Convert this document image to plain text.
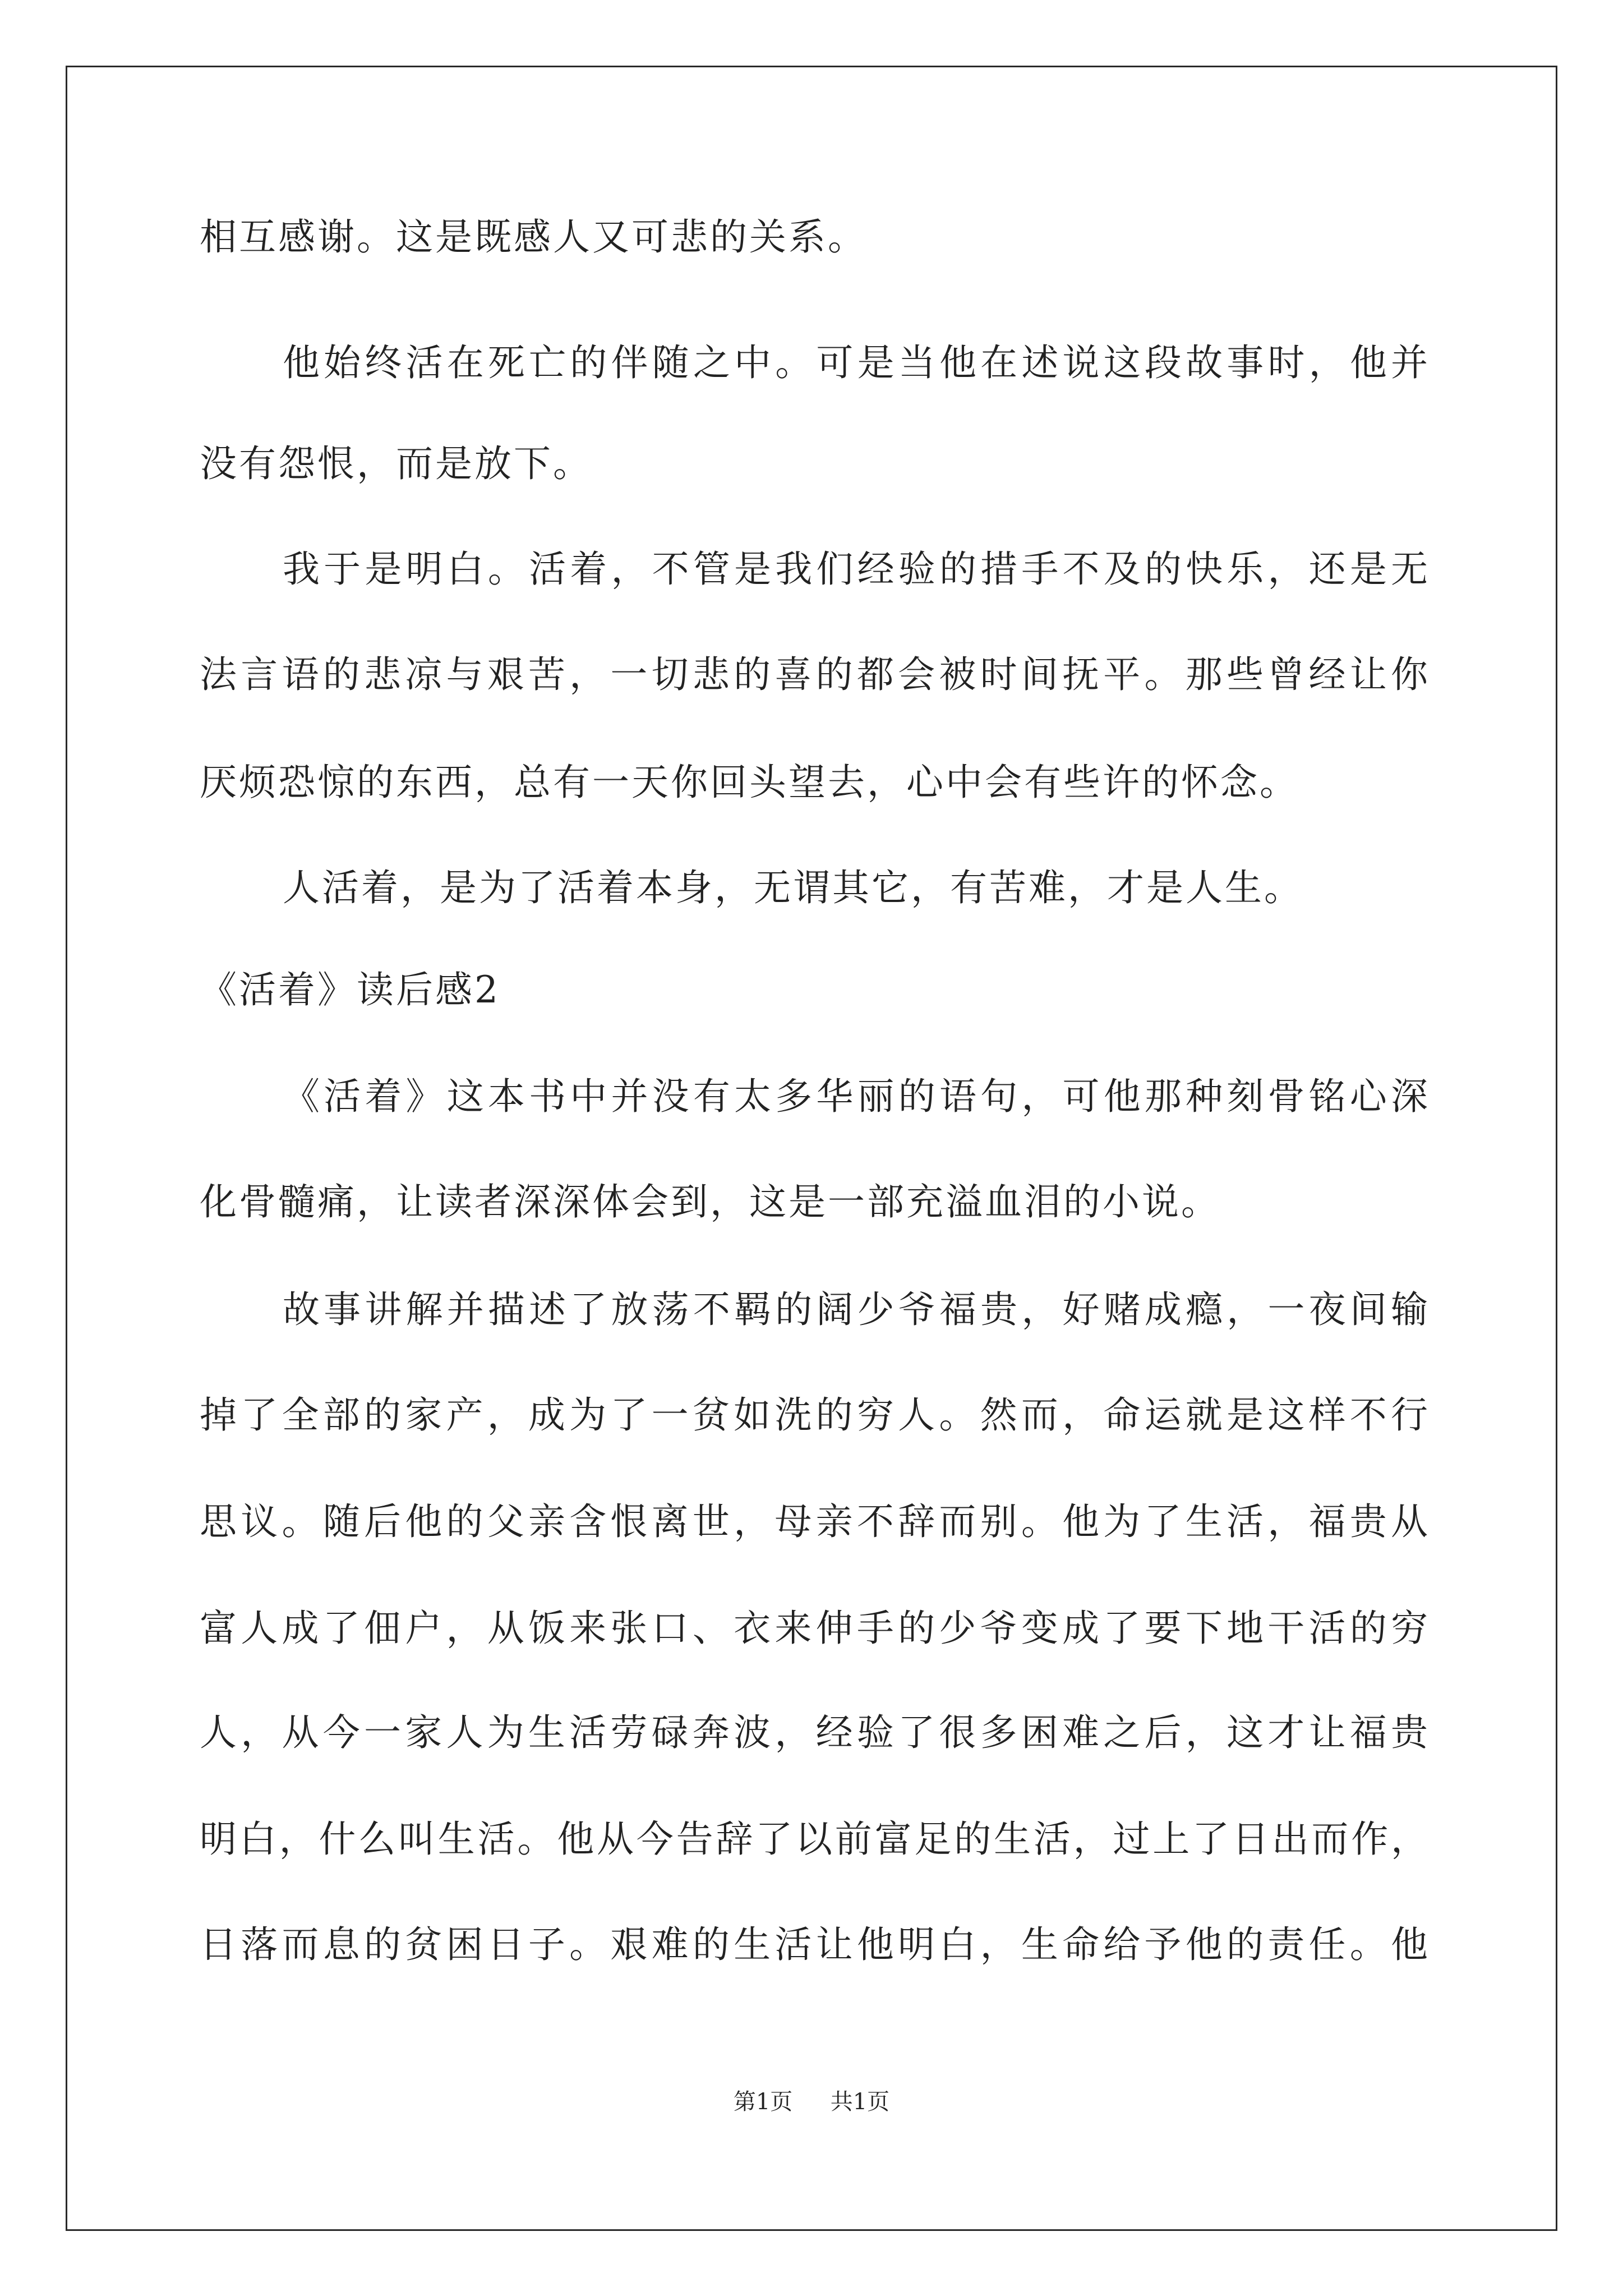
相互感谢。这是既感人又可悲的关系。
他始终活在死亡的伴随之中。可是当他在述说这段故事时，他并
没有怨恨，而是放下。
我于是明白。活着，不管是我们经验的措手不及的快乐，还是无
法言语的悲凉与艰苦，一切悲的喜的都会被时间抚平。那些曾经让你
厌烦恐惊的东西，总有一天你回头望去，心中会有些许的怀念。
人活着，是为了活着本身，无谓其它，有苦难，才是人生。
《活着》读后感2
《活着》这本书中并没有太多华丽的语句，可他那种刻骨铭心深
化骨髓痛，让读者深深体会到，这是一部充溢血泪的小说。
故事讲解并描述了放荡不羁的阔少爷福贵，好赌成瘾，一夜间输
掉了全部的家产，成为了一贫如洗的穷人。然而，命运就是这样不行
思议。随后他的父亲含恨离世，母亲不辞而别。他为了生活，福贵从
富人成了佃户，从饭来张口、衣来伸手的少爷变成了要下地干活的穷
人，从今一家人为生活劳碌奔波，经验了很多困难之后，这才让福贵
明白，什么叫生活。他从今告辞了以前富足的生活，过上了日出而作，
日落而息的贫困日子。艰难的生活让他明白，生命给予他的责任。他
第1页 共1页
